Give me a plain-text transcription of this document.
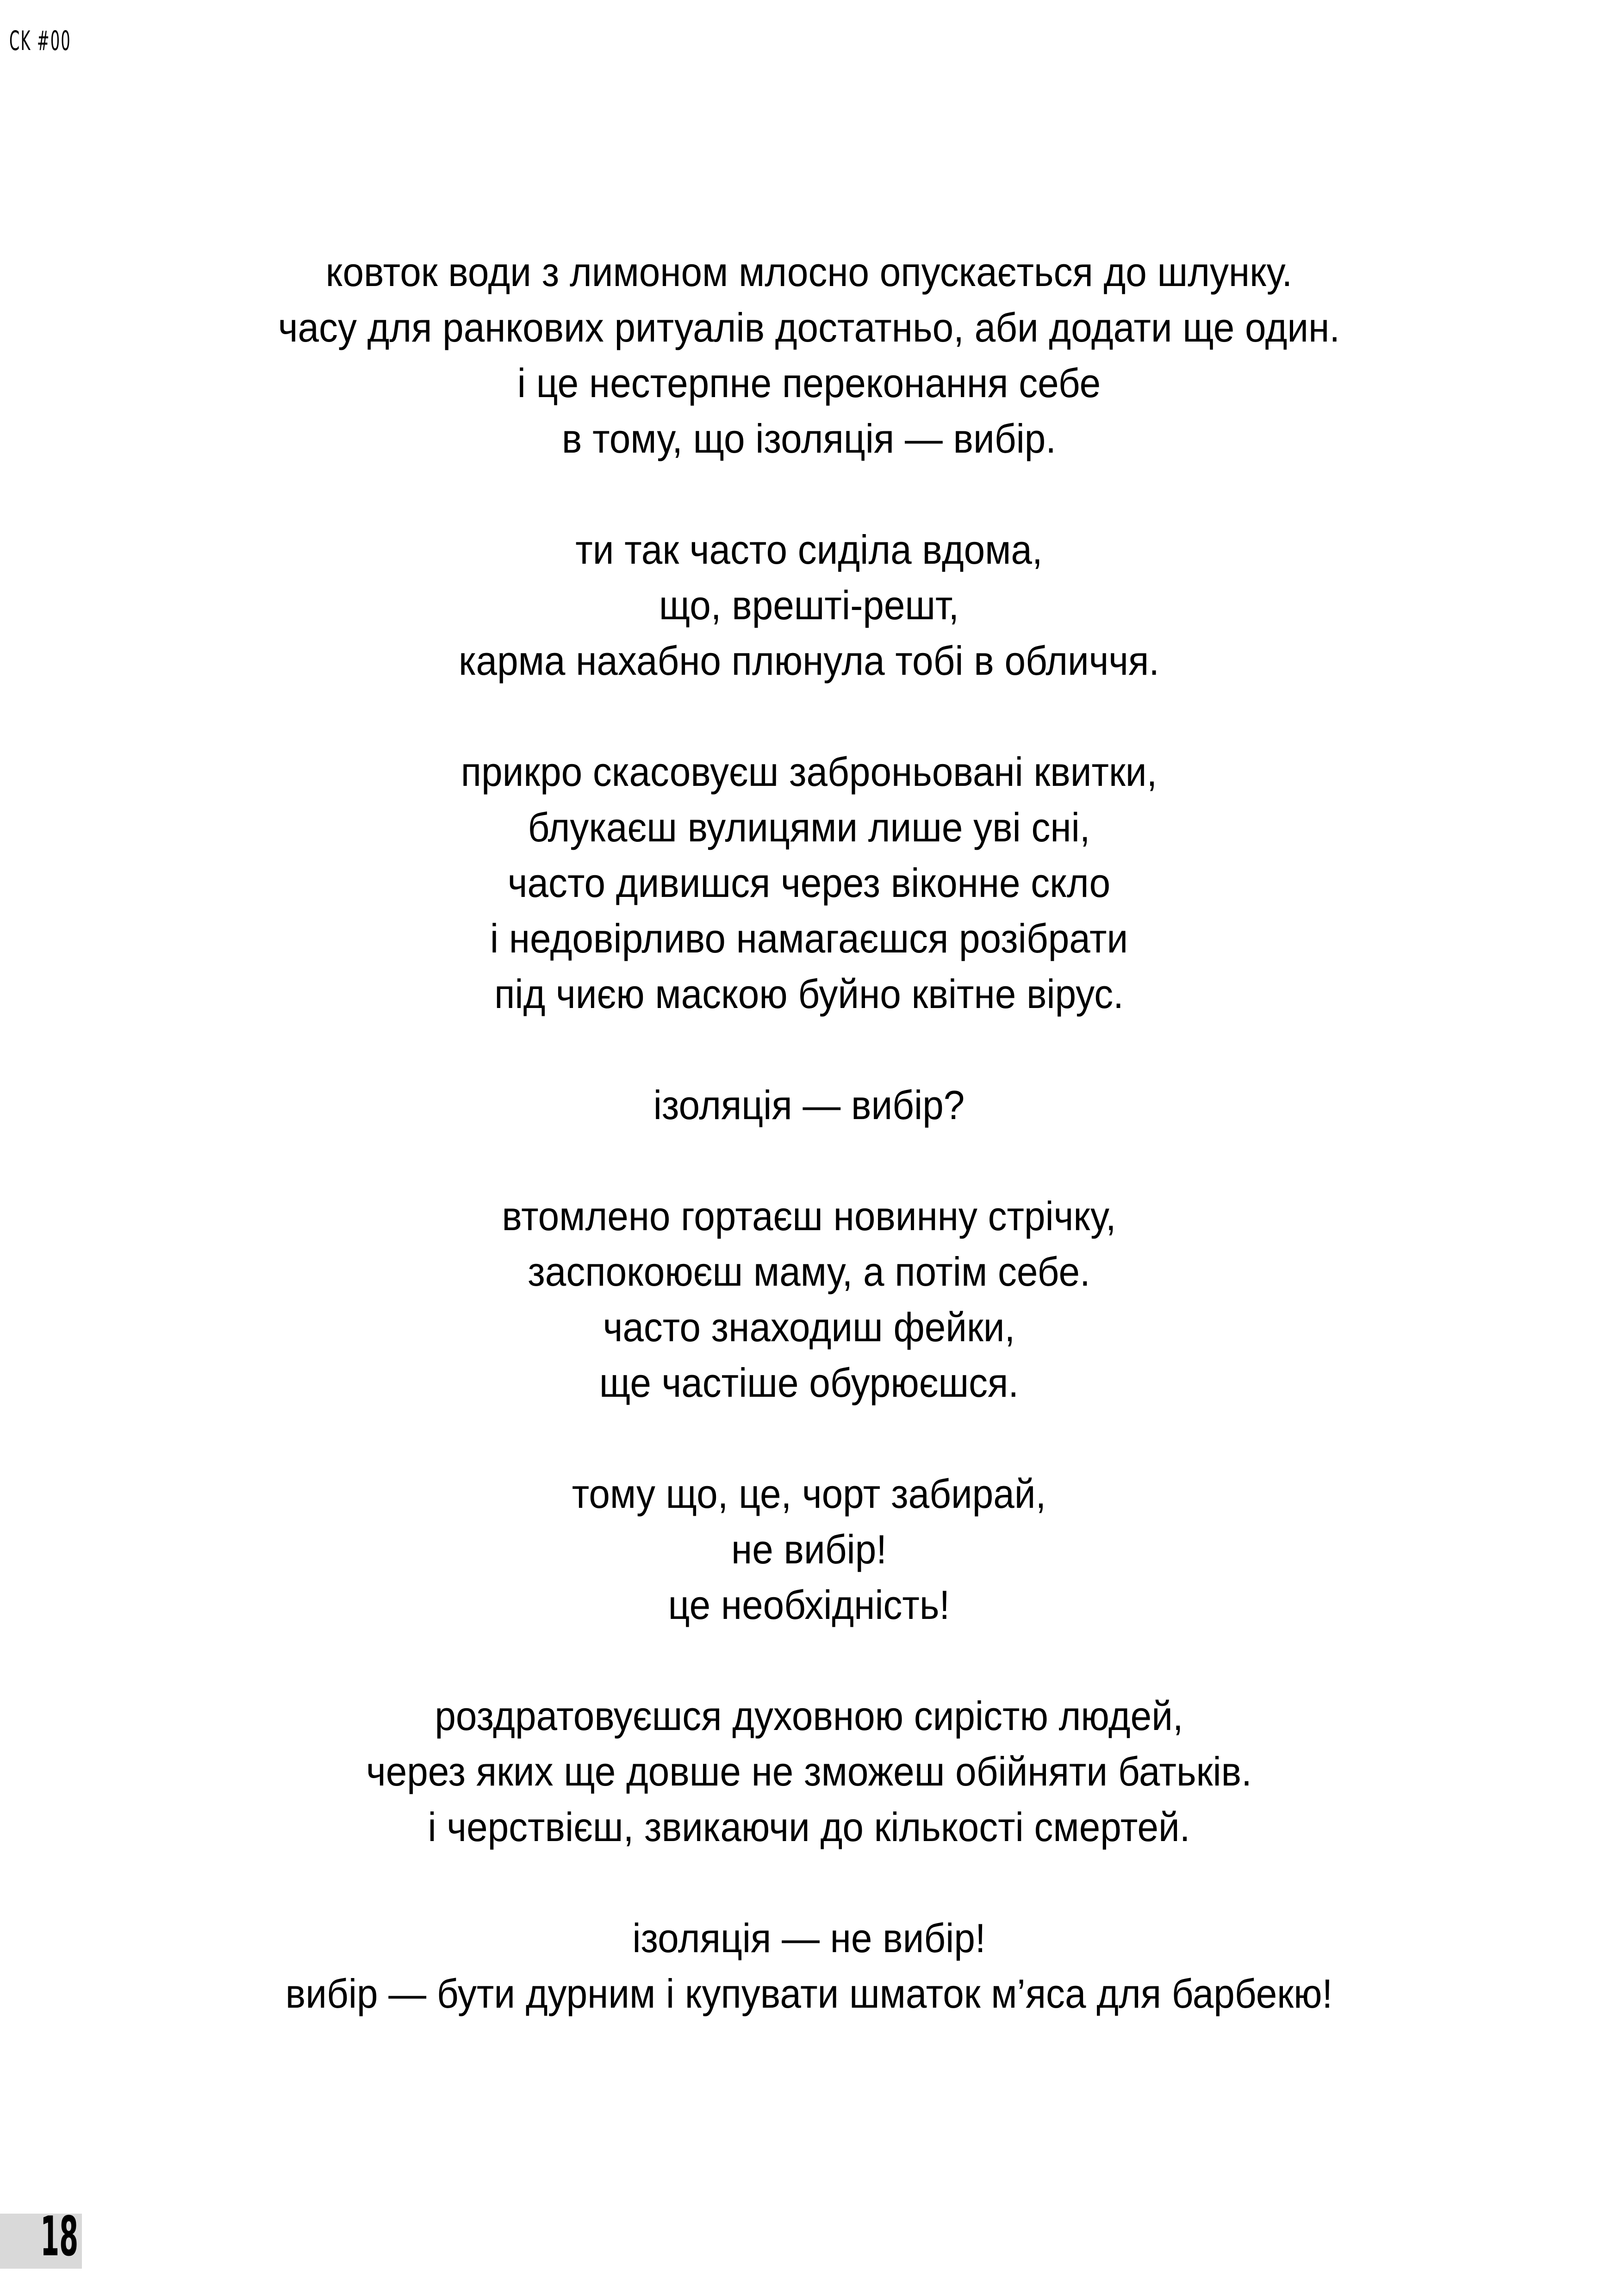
CK #00
ковток води з лимоном млосно опускається до шлунку.
часу для ранкових ритуалів достатньо, аби додати ще один.
і це нестерпне переконання себе
в тому, що ізоляція — вибір.
ти так часто сиділа вдома,
що, врешті-решт,
карма нахабно плюнула тобі в обличчя.
прикро скасовуєш заброньовані квитки,
блукаєш вулицями лише уві сні,
часто дивишся через віконне скло
і недовірливо намагаєшся розібрати
під чиєю маскою буйно квітне вірус.
ізоляція — вибір?
втомлено гортаєш новинну стрічку,
заспокоюєш маму, а потім себе.
часто знаходиш фейки,
ще частіше обурюєшся.
тому що, це, чорт забирай,
не вибір!
це необхідність!
роздратовуєшся духовною сирістю людей,
через яких ще довше не зможеш обійняти батьків.
і черствієш, звикаючи до кількості смертей.
ізоляція — не вибір!
вибір — бути дурним і купувати шматок м’яса для барбекю!
18
